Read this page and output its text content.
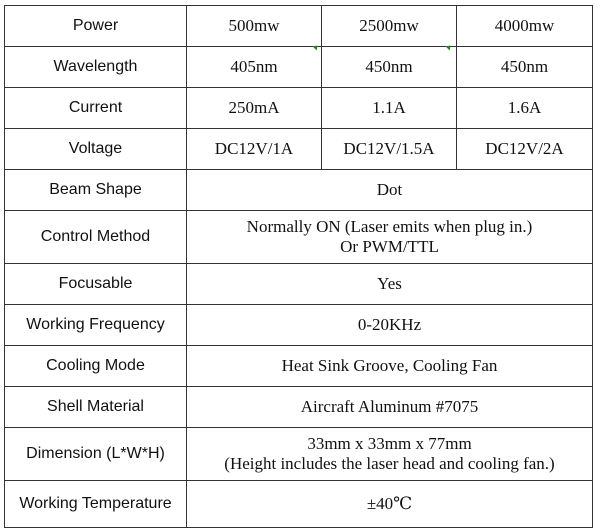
Power	500mw	2500mw	4000mw
Wavelength	405nm	450nm	450nm
Current	250mA	1.1A	1.6A
Voltage	DC12V/1A	DC12V/1.5A	DC12V/2A
Beam Shape	Dot		
Control Method	Normally ON (Laser emits when plug in.)
Or PWM/TTL		

Focusable	Yes		
Working Frequency	0-20KHz		
Cooling Mode	Heat Sink Groove, Cooling Fan		
Shell Material	Aircraft Aluminum #7075		
Dimension (L*W*H)	33mm x 33mm x 77mm
(Height includes the laser head and cooling fan.)		

Working Temperature	±40℃		
